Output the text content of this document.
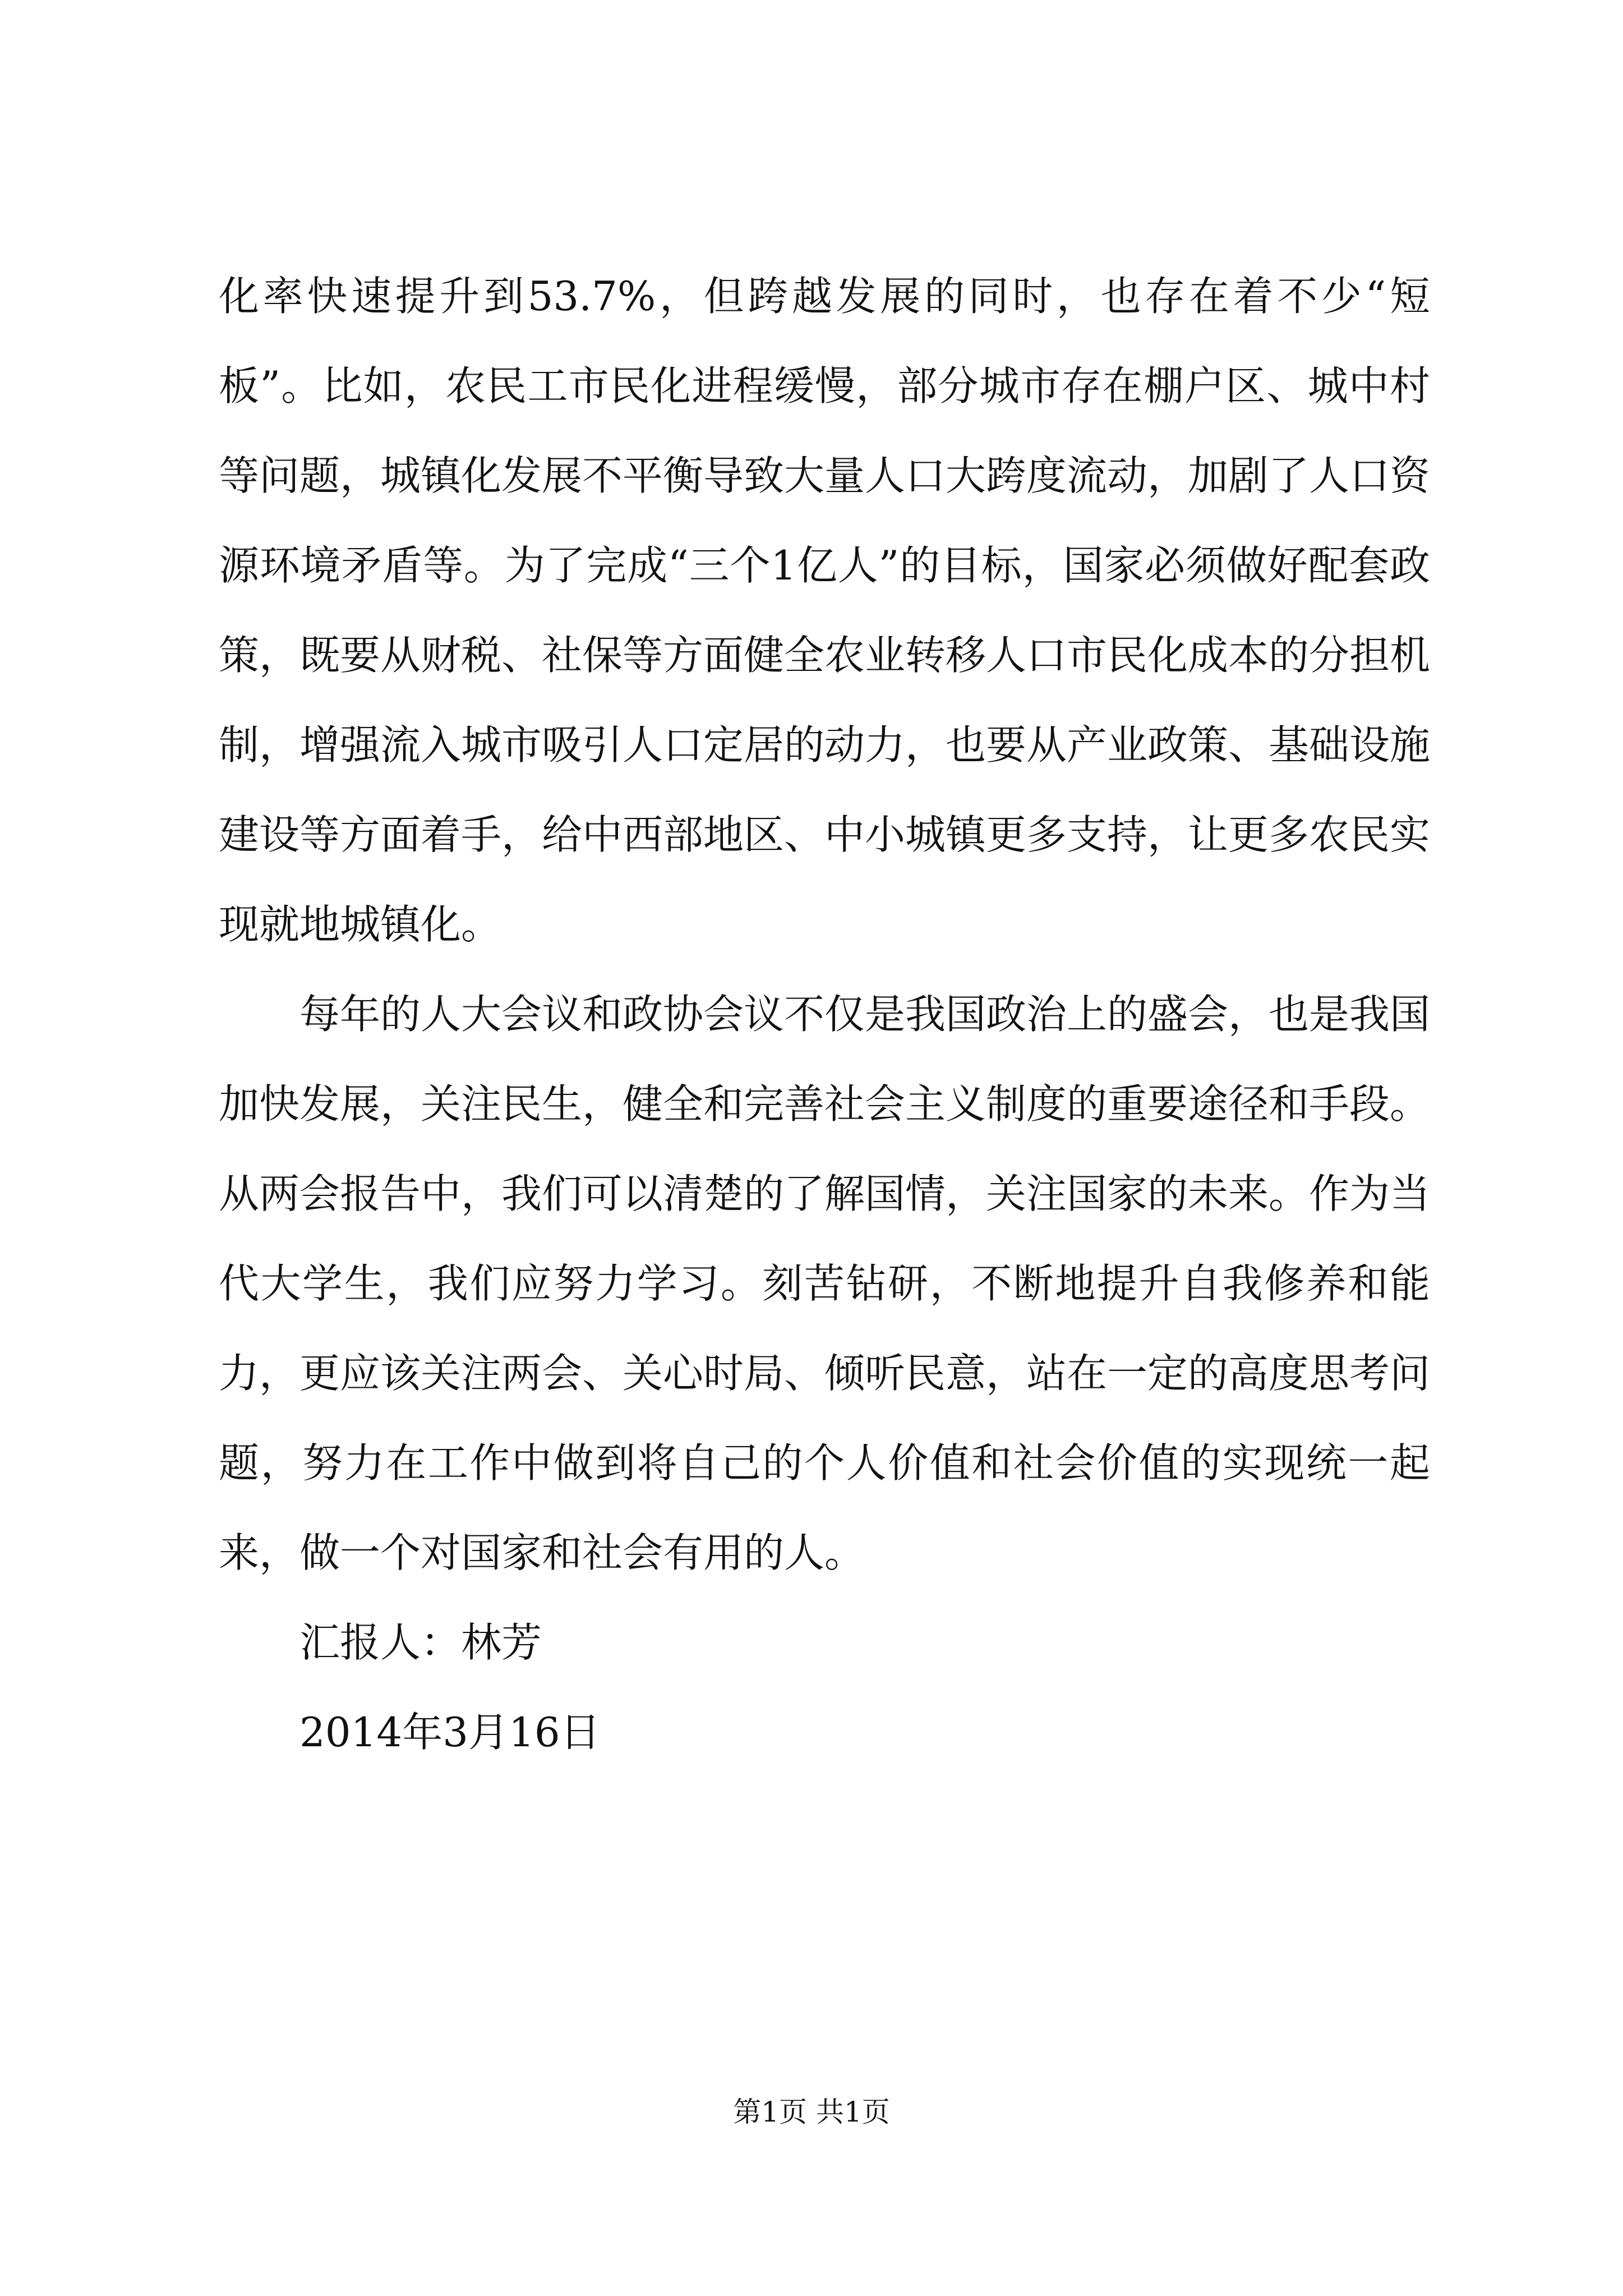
化率快速提升到53.7%，但跨越发展的同时，也存在着不少“短板”。比如，农民工市民化进程缓慢，部分城市存在棚户区、城中村等问题，城镇化发展不平衡导致大量人口大跨度流动，加剧了人口资源环境矛盾等。为了完成“三个1亿人”的目标，国家必须做好配套政策，既要从财税、社保等方面健全农业转移人口市民化成本的分担机制，增强流入城市吸引人口定居的动力，也要从产业政策、基础设施建设等方面着手，给中西部地区、中小城镇更多支持，让更多农民实现就地城镇化。

每年的人大会议和政协会议不仅是我国政治上的盛会，也是我国加快发展，关注民生，健全和完善社会主义制度的重要途径和手段。从两会报告中，我们可以清楚的了解国情，关注国家的未来。作为当代大学生，我们应努力学习。刻苦钻研，不断地提升自我修养和能力，更应该关注两会、关心时局、倾听民意，站在一定的高度思考问题，努力在工作中做到将自己的个人价值和社会价值的实现统一起来，做一个对国家和社会有用的人。

汇报人：林芳

2014年3月16日

第1页 共1页
